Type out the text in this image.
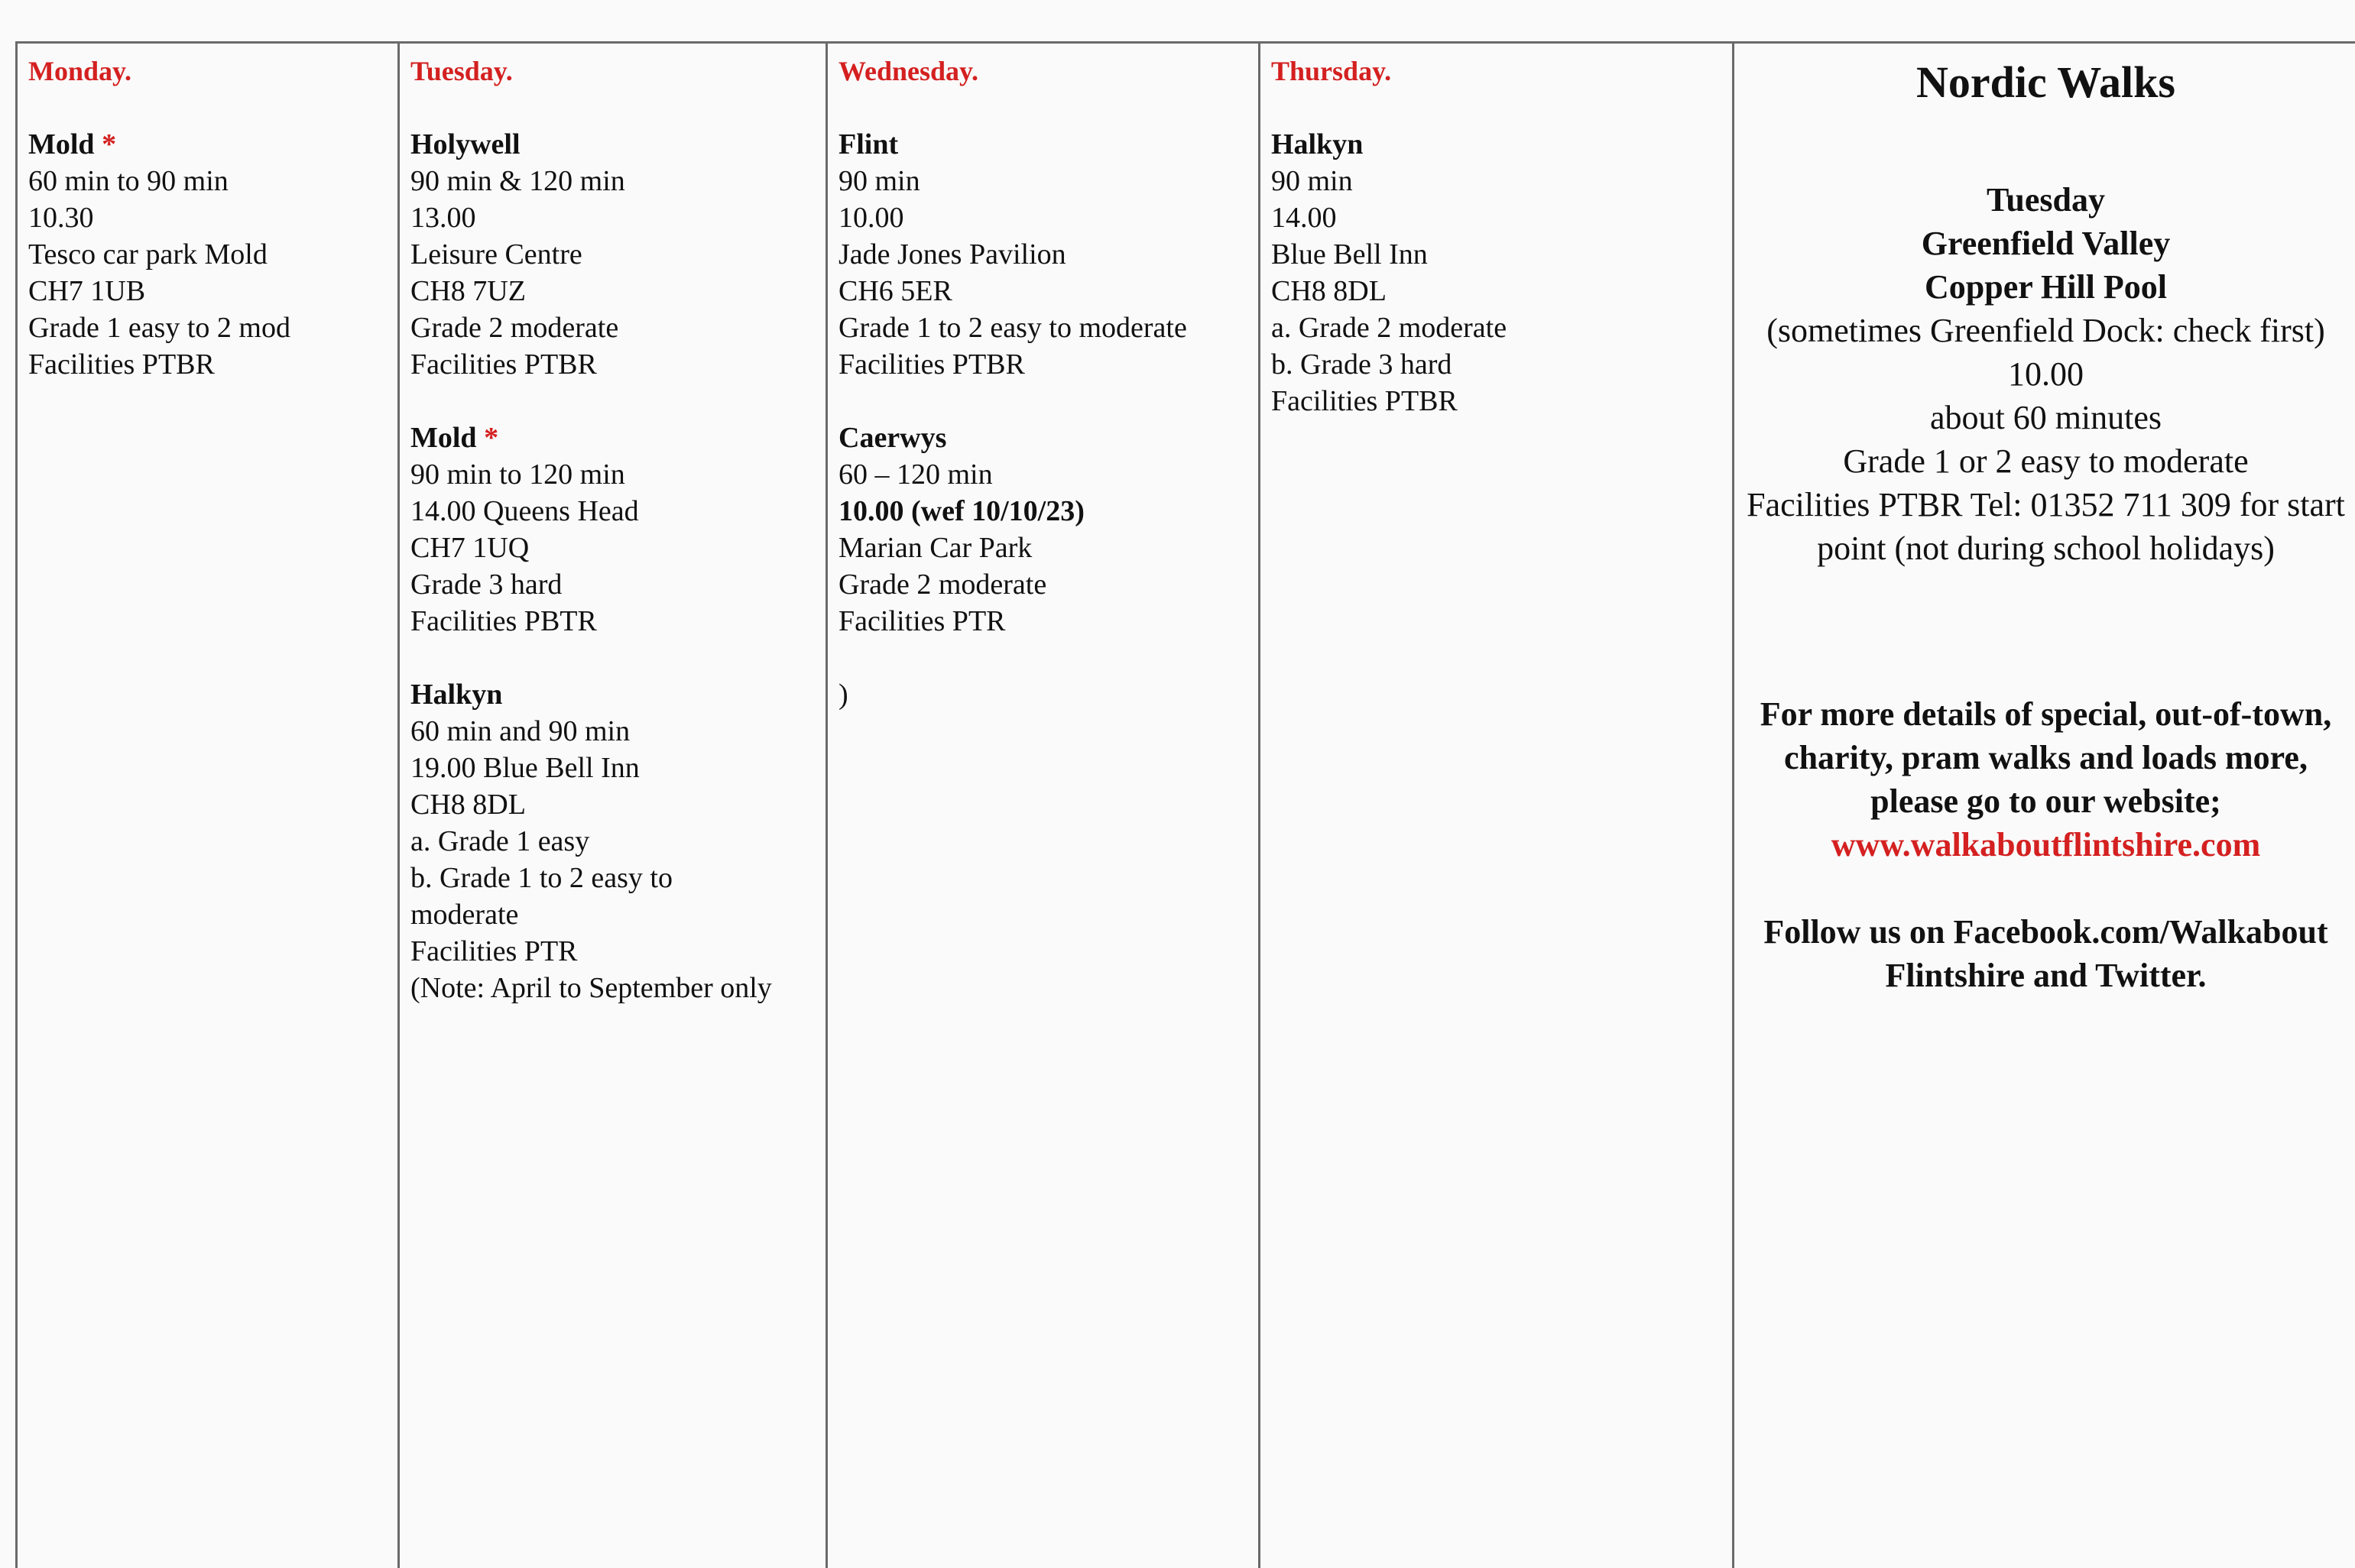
Monday.
Mold *
60 min to 90 min
10.30
Tesco car park Mold
CH7 1UB
Grade 1 easy to 2 mod
Facilities PTBR
Tuesday.
Holywell
90 min & 120 min
13.00
Leisure Centre
CH8 7UZ
Grade 2 moderate
Facilities PTBR
Mold *
90 min to 120 min
14.00 Queens Head
CH7 1UQ
Grade 3 hard
Facilities PBTR
Halkyn
60 min and 90 min
19.00 Blue Bell Inn
CH8 8DL
a. Grade 1 easy
b. Grade 1 to 2 easy to
moderate
Facilities PTR
(Note: April to September only
Wednesday.
Flint
90 min
10.00
Jade Jones Pavilion
CH6 5ER
Grade 1 to 2 easy to moderate
Facilities PTBR
Caerwys
60 – 120 min
10.00 (wef 10/10/23)
Marian Car Park
Grade 2 moderate
Facilities PTR
)
Thursday.
Halkyn
90 min
14.00
Blue Bell Inn
CH8 8DL
a. Grade 2 moderate
b. Grade 3 hard
Facilities PTBR
Nordic Walks
Tuesday
Greenfield Valley
Copper Hill Pool
(sometimes Greenfield Dock: check first)
10.00
about 60 minutes
Grade 1 or 2 easy to moderate
Facilities PTBR Tel: 01352 711 309 for start point (not during school holidays)
For more details of special, out-of-town, charity, pram walks and loads more, please go to our website;
www.walkaboutflintshire.com
Follow us on Facebook.com/Walkabout Flintshire and Twitter.
